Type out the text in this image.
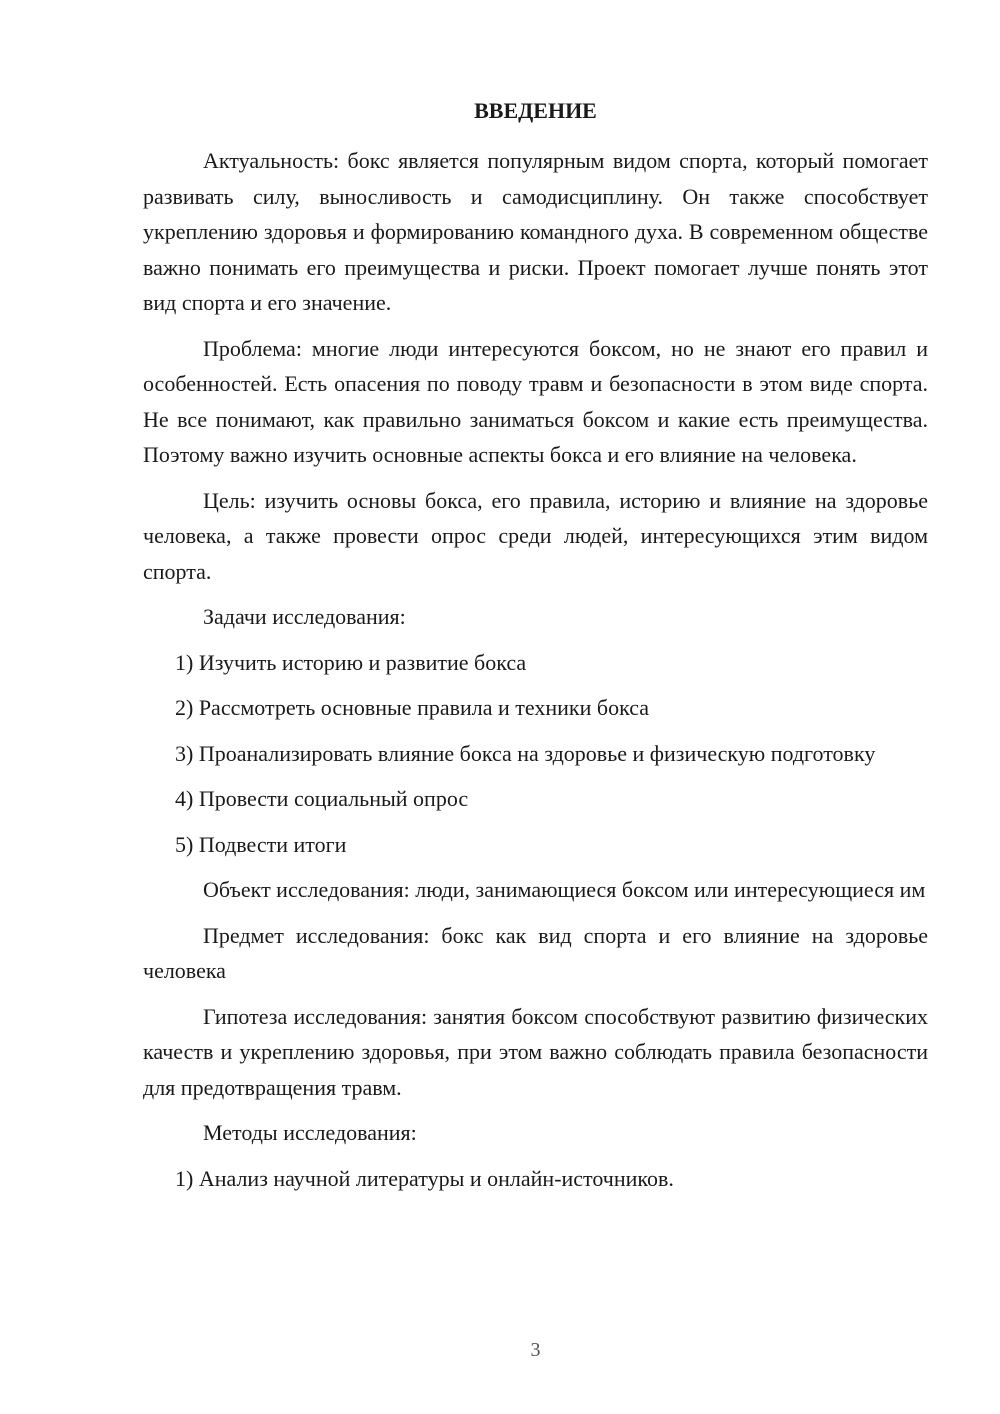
ВВЕДЕНИЕ

Актуальность: бокс является популярным видом спорта, который помогает развивать силу, выносливость и самодисциплину. Он также способствует укреплению здоровья и формированию командного духа. В современном обществе важно понимать его преимущества и риски. Проект помогает лучше понять этот вид спорта и его значение.

Проблема: многие люди интересуются боксом, но не знают его правил и особенностей. Есть опасения по поводу травм и безопасности в этом виде спорта. Не все понимают, как правильно заниматься боксом и какие есть преимущества. Поэтому важно изучить основные аспекты бокса и его влияние на человека.

Цель: изучить основы бокса, его правила, историю и влияние на здоровье человека, а также провести опрос среди людей, интересующихся этим видом спорта.

Задачи исследования:

1) Изучить историю и развитие бокса

2) Рассмотреть основные правила и техники бокса

3) Проанализировать влияние бокса на здоровье и физическую подготовку

4) Провести социальный опрос

5) Подвести итоги

Объект исследования: люди, занимающиеся боксом или интересующиеся им

Предмет исследования: бокс как вид спорта и его влияние на здоровье человека

Гипотеза исследования: занятия боксом способствуют развитию физических качеств и укреплению здоровья, при этом важно соблюдать правила безопасности для предотвращения травм.

Методы исследования:

1) Анализ научной литературы и онлайн-источников.

3
